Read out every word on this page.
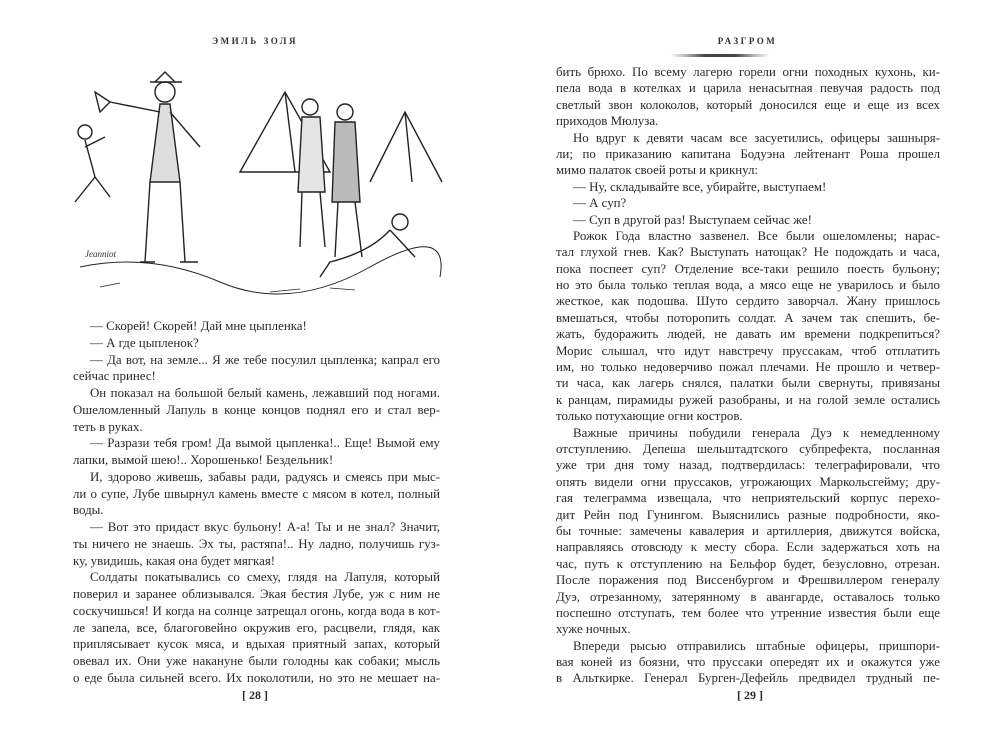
ЭМИЛЬ ЗОЛЯ
Jeanniot
— Скорей! Скорей! Дай мне цыпленка!
— А где цыпленок?
— Да вот, на земле... Я же тебе посулил цыпленка; капрал его
сейчас принес!
Он показал на большой белый камень, лежавший под ногами.
Ошеломленный Лапуль в конце концов поднял его и стал вер-
теть в руках.
— Разрази тебя гром! Да вымой цыпленка!.. Еще! Вымой ему
лапки, вымой шею!.. Хорошенько! Бездельник!
И, здорово живешь, забавы ради, радуясь и смеясь при мыс-
ли о супе, Лубе швырнул камень вместе с мясом в котел, полный
воды.
— Вот это придаст вкус бульону! А-а! Ты и не знал? Значит,
ты ничего не знаешь. Эх ты, растяпа!.. Ну ладно, получишь гуз-
ку, увидишь, какая она будет мягкая!
Солдаты покатывались со смеху, глядя на Лапуля, который
поверил и заранее облизывался. Экая бестия Лубе, уж с ним не
соскучишься! И когда на солнце затрещал огонь, когда вода в кот-
ле запела, все, благоговейно окружив его, расцвели, глядя, как
приплясывает кусок мяса, и вдыхая приятный запах, который
овевал их. Они уже накануне были голодны как собаки; мысль
о еде была сильней всего. Их поколотили, но это не мешает на-
[ 28 ]
РАЗГРОМ
бить брюхо. По всему лагерю горели огни походных кухонь, ки-
пела вода в котелках и царила ненасытная певучая радость под
светлый звон колоколов, который доносился еще и еще из всех
приходов Мюлуза.
Но вдруг к девяти часам все засуетились, офицеры зашныря-
ли; по приказанию капитана Бодуэна лейтенант Роша прошел
мимо палаток своей роты и крикнул:
— Ну, складывайте все, убирайте, выступаем!
— А суп?
— Суп в другой раз! Выступаем сейчас же!
Рожок Года властно зазвенел. Все были ошеломлены; нарас-
тал глухой гнев. Как? Выступать натощак? Не подождать и часа,
пока поспеет суп? Отделение все-таки решило поесть бульону;
но это была только теплая вода, а мясо еще не уварилось и было
жесткое, как подошва. Шуто сердито заворчал. Жану пришлось
вмешаться, чтобы поторопить солдат. А зачем так спешить, бе-
жать, будоражить людей, не давать им времени подкрепиться?
Морис слышал, что идут навстречу пруссакам, чтоб отплатить
им, но только недоверчиво пожал плечами. Не прошло и четвер-
ти часа, как лагерь снялся, палатки были свернуты, привязаны
к ранцам, пирамиды ружей разобраны, и на голой земле остались
только потухающие огни костров.
Важные причины побудили генерала Дуэ к немедленному
отступлению. Депеша шельштадтского субпрефекта, посланная
уже три дня тому назад, подтвердилась: телеграфировали, что
опять видели огни пруссаков, угрожающих Маркольсгейму; дру-
гая телеграмма извещала, что неприятельский корпус перехо-
дит Рейн под Гунингом. Выяснились разные подробности, яко-
бы точные: замечены кавалерия и артиллерия, движутся войска,
направляясь отовсюду к месту сбора. Если задержаться хоть на
час, путь к отступлению на Бельфор будет, безусловно, отрезан.
После поражения под Виссенбургом и Фрешвиллером генералу
Дуэ, отрезанному, затерянному в авангарде, оставалось только
поспешно отступать, тем более что утренние известия были еще
хуже ночных.
Впереди рысью отправились штабные офицеры, пришпори-
вая коней из боязни, что пруссаки опередят их и окажутся уже
в Альткирке. Генерал Бурген-Дефейль предвидел трудный пе-
[ 29 ]
